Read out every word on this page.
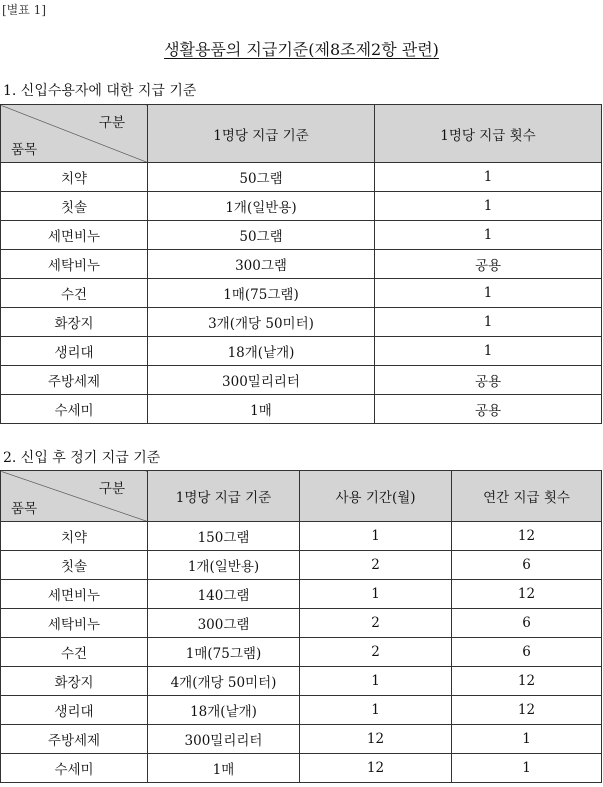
[별표 1]
생활용품의 지급기준(제8조제2항 관련)
1. 신입수용자에 대한 지급 기준
구분
품목	1명당 지급 기준	1명당 지급 횟수
치약	50그램	1
칫솔	1개(일반용)	1
세면비누	50그램	1
세탁비누	300그램	공용
수건	1매(75그램)	1
화장지	3개(개당 50미터)	1
생리대	18개(낱개)	1
주방세제	300밀리리터	공용
수세미	1매	공용
2. 신입 후 정기 지급 기준
구분
품목	1명당 지급 기준	사용 기간(월)	연간 지급 횟수
치약	150그램	1	12
칫솔	1개(일반용)	2	6
세면비누	140그램	1	12
세탁비누	300그램	2	6
수건	1매(75그램)	2	6
화장지	4개(개당 50미터)	1	12
생리대	18개(낱개)	1	12
주방세제	300밀리리터	12	1
수세미	1매	12	1
